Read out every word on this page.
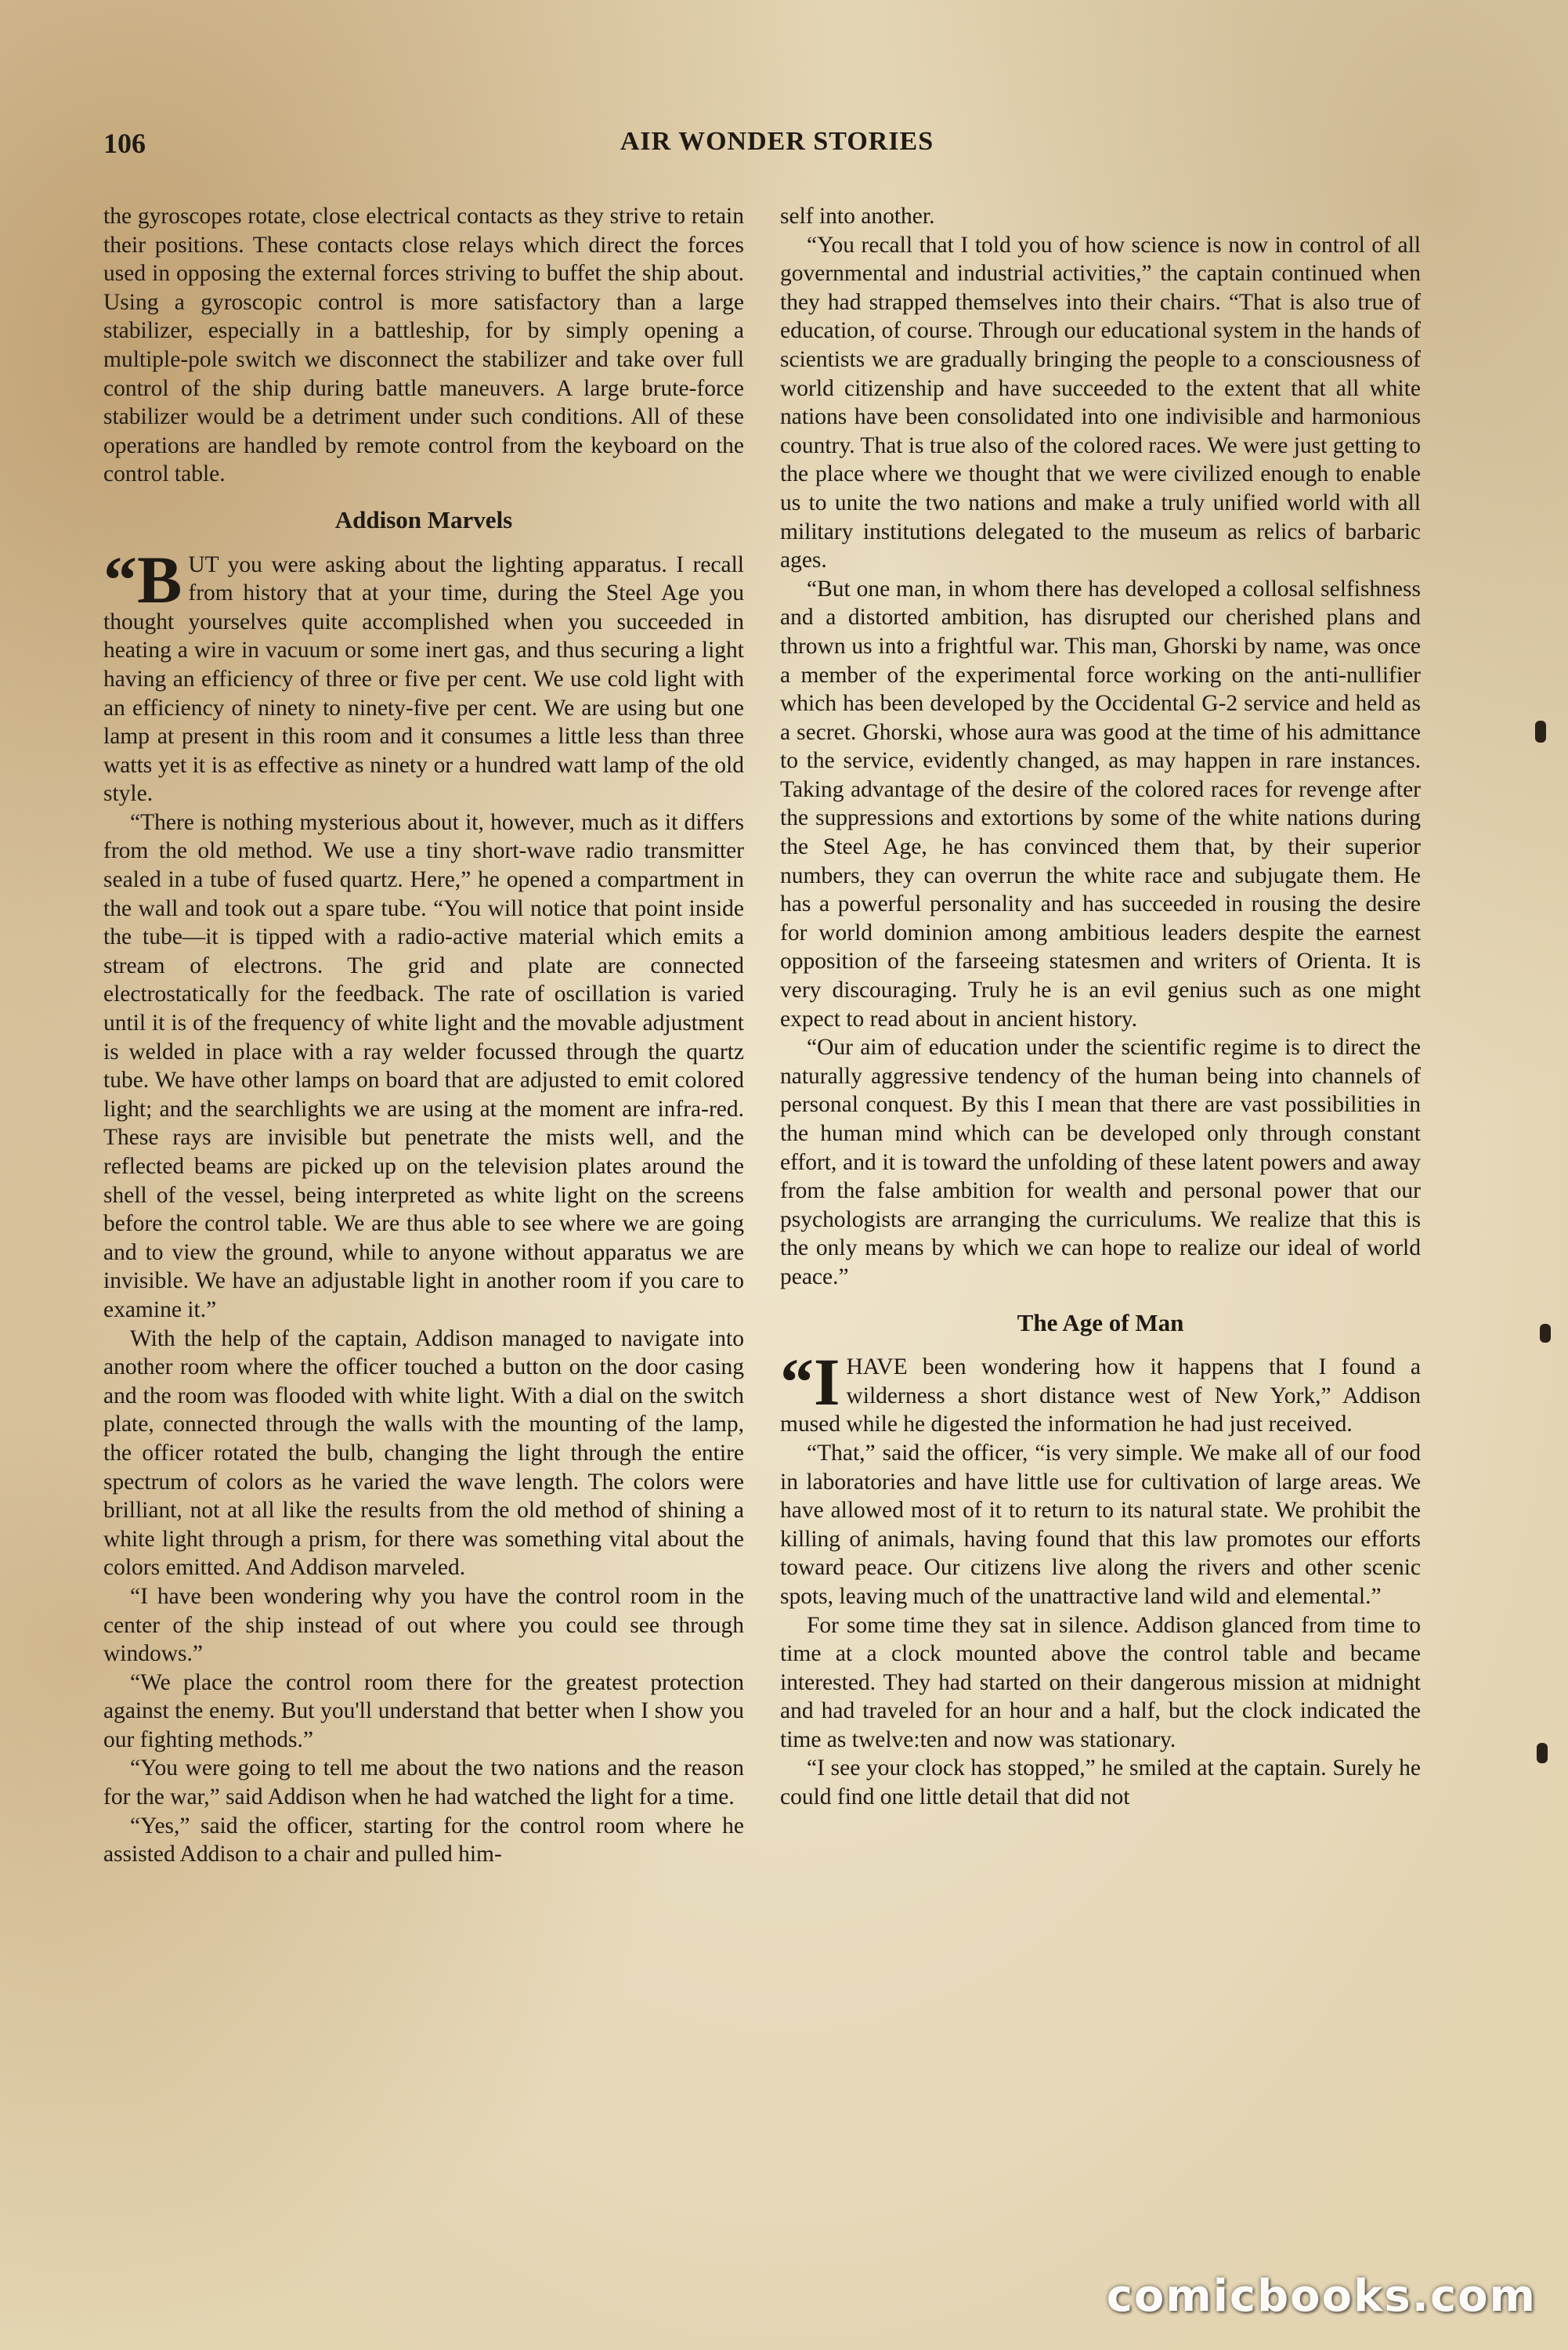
106	AIR WONDER STORIES

the gyroscopes rotate, close electrical contacts as they strive to retain their positions. These contacts close relays which direct the forces used in opposing the external forces striving to buffet the ship about. Using a gyroscopic control is more satisfactory than a large stabilizer, especially in a battleship, for by simply opening a multiple-pole switch we disconnect the stabilizer and take over full control of the ship during battle maneuvers. A large brute-force stabilizer would be a detriment under such conditions. All of these operations are handled by remote control from the keyboard on the control table.

Addison Marvels

“BUT you were asking about the lighting apparatus. I recall from history that at your time, during the Steel Age you thought yourselves quite accomplished when you succeeded in heating a wire in vacuum or some inert gas, and thus securing a light having an efficiency of three or five per cent. We use cold light with an efficiency of ninety to ninety-five per cent. We are using but one lamp at present in this room and it consumes a little less than three watts yet it is as effective as ninety or a hundred watt lamp of the old style.

“There is nothing mysterious about it, however, much as it differs from the old method. We use a tiny short-wave radio transmitter sealed in a tube of fused quartz. Here,” he opened a compartment in the wall and took out a spare tube. “You will notice that point inside the tube—it is tipped with a radio-active material which emits a stream of electrons. The grid and plate are connected electrostatically for the feedback. The rate of oscillation is varied until it is of the frequency of white light and the movable adjustment is welded in place with a ray welder focussed through the quartz tube. We have other lamps on board that are adjusted to emit colored light; and the searchlights we are using at the moment are infra-red. These rays are invisible but penetrate the mists well, and the reflected beams are picked up on the television plates around the shell of the vessel, being interpreted as white light on the screens before the control table. We are thus able to see where we are going and to view the ground, while to anyone without apparatus we are invisible. We have an adjustable light in another room if you care to examine it.”

With the help of the captain, Addison managed to navigate into another room where the officer touched a button on the door casing and the room was flooded with white light. With a dial on the switch plate, connected through the walls with the mounting of the lamp, the officer rotated the bulb, changing the light through the entire spectrum of colors as he varied the wave length. The colors were brilliant, not at all like the results from the old method of shining a white light through a prism, for there was something vital about the colors emitted. And Addison marveled.

“I have been wondering why you have the control room in the center of the ship instead of out where you could see through windows.”

“We place the control room there for the greatest protection against the enemy. But you'll understand that better when I show you our fighting methods.”

“You were going to tell me about the two nations and the reason for the war,” said Addison when he had watched the light for a time.

“Yes,” said the officer, starting for the control room where he assisted Addison to a chair and pulled him-

self into another.

“You recall that I told you of how science is now in control of all governmental and industrial activities,” the captain continued when they had strapped themselves into their chairs. “That is also true of education, of course. Through our educational system in the hands of scientists we are gradually bringing the people to a consciousness of world citizenship and have succeeded to the extent that all white nations have been consolidated into one indivisible and harmonious country. That is true also of the colored races. We were just getting to the place where we thought that we were civilized enough to enable us to unite the two nations and make a truly unified world with all military institutions delegated to the museum as relics of barbaric ages.

“But one man, in whom there has developed a collosal selfishness and a distorted ambition, has disrupted our cherished plans and thrown us into a frightful war. This man, Ghorski by name, was once a member of the experimental force working on the anti-nullifier which has been developed by the Occidental G-2 service and held as a secret. Ghorski, whose aura was good at the time of his admittance to the service, evidently changed, as may happen in rare instances. Taking advantage of the desire of the colored races for revenge after the suppressions and extortions by some of the white nations during the Steel Age, he has convinced them that, by their superior numbers, they can overrun the white race and subjugate them. He has a powerful personality and has succeeded in rousing the desire for world dominion among ambitious leaders despite the earnest opposition of the farseeing statesmen and writers of Orienta. It is very discouraging. Truly he is an evil genius such as one might expect to read about in ancient history.

“Our aim of education under the scientific regime is to direct the naturally aggressive tendency of the human being into channels of personal conquest. By this I mean that there are vast possibilities in the human mind which can be developed only through constant effort, and it is toward the unfolding of these latent powers and away from the false ambition for wealth and personal power that our psychologists are arranging the curriculums. We realize that this is the only means by which we can hope to realize our ideal of world peace.”

The Age of Man

“IHAVE been wondering how it happens that I found a wilderness a short distance west of New York,” Addison mused while he digested the information he had just received.

“That,” said the officer, “is very simple. We make all of our food in laboratories and have little use for cultivation of large areas. We have allowed most of it to return to its natural state. We prohibit the killing of animals, having found that this law promotes our efforts toward peace. Our citizens live along the rivers and other scenic spots, leaving much of the unattractive land wild and elemental.”

For some time they sat in silence. Addison glanced from time to time at a clock mounted above the control table and became interested. They had started on their dangerous mission at midnight and had traveled for an hour and a half, but the clock indicated the time as twelve:ten and now was stationary.

“I see your clock has stopped,” he smiled at the captain. Surely he could find one little detail that did not

comicbooks.com
